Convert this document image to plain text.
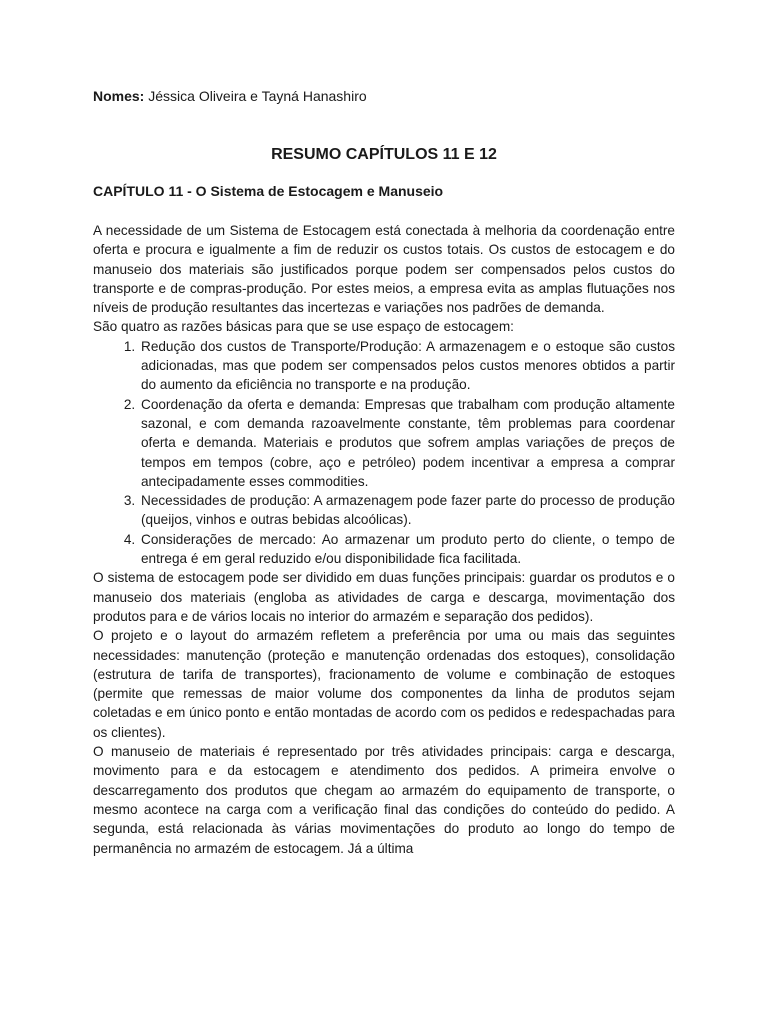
Nomes: Jéssica Oliveira e Tayná Hanashiro
RESUMO CAPÍTULOS 11 E 12
CAPÍTULO 11 - O Sistema de Estocagem e Manuseio

A necessidade de um Sistema de Estocagem está conectada à melhoria da coordenação entre oferta e procura e igualmente a fim de reduzir os custos totais. Os custos de estocagem e do manuseio dos materiais são justificados porque podem ser compensados pelos custos do transporte e de compras-produção. Por estes meios, a empresa evita as amplas flutuações nos níveis de produção resultantes das incertezas e variações nos padrões de demanda.

São quatro as razões básicas para que se use espaço de estocagem:

1. Redução dos custos de Transporte/Produção: A armazenagem e o estoque são custos adicionadas, mas que podem ser compensados pelos custos menores obtidos a partir do aumento da eficiência no transporte e na produção.
2. Coordenação da oferta e demanda: Empresas que trabalham com produção altamente sazonal, e com demanda razoavelmente constante, têm problemas para coordenar oferta e demanda. Materiais e produtos que sofrem amplas variações de preços de tempos em tempos (cobre, aço e petróleo) podem incentivar a empresa a comprar antecipadamente esses commodities.
3. Necessidades de produção: A armazenagem pode fazer parte do processo de produção (queijos, vinhos e outras bebidas alcoólicas).
4. Considerações de mercado: Ao armazenar um produto perto do cliente, o tempo de entrega é em geral reduzido e/ou disponibilidade fica facilitada.

O sistema de estocagem pode ser dividido em duas funções principais: guardar os produtos e o manuseio dos materiais (engloba as atividades de carga e descarga, movimentação dos produtos para e de vários locais no interior do armazém e separação dos pedidos).

O projeto e o layout do armazém refletem a preferência por uma ou mais das seguintes necessidades: manutenção (proteção e manutenção ordenadas dos estoques), consolidação (estrutura de tarifa de transportes), fracionamento de volume e combinação de estoques (permite que remessas de maior volume dos componentes da linha de produtos sejam coletadas e em único ponto e então montadas de acordo com os pedidos e redespachadas para os clientes).

O manuseio de materiais é representado por três atividades principais: carga e descarga, movimento para e da estocagem e atendimento dos pedidos. A primeira envolve o descarregamento dos produtos que chegam ao armazém do equipamento de transporte, o mesmo acontece na carga com a verificação final das condições do conteúdo do pedido. A segunda, está relacionada às várias movimentações do produto ao longo do tempo de permanência no armazém de estocagem. Já a última
